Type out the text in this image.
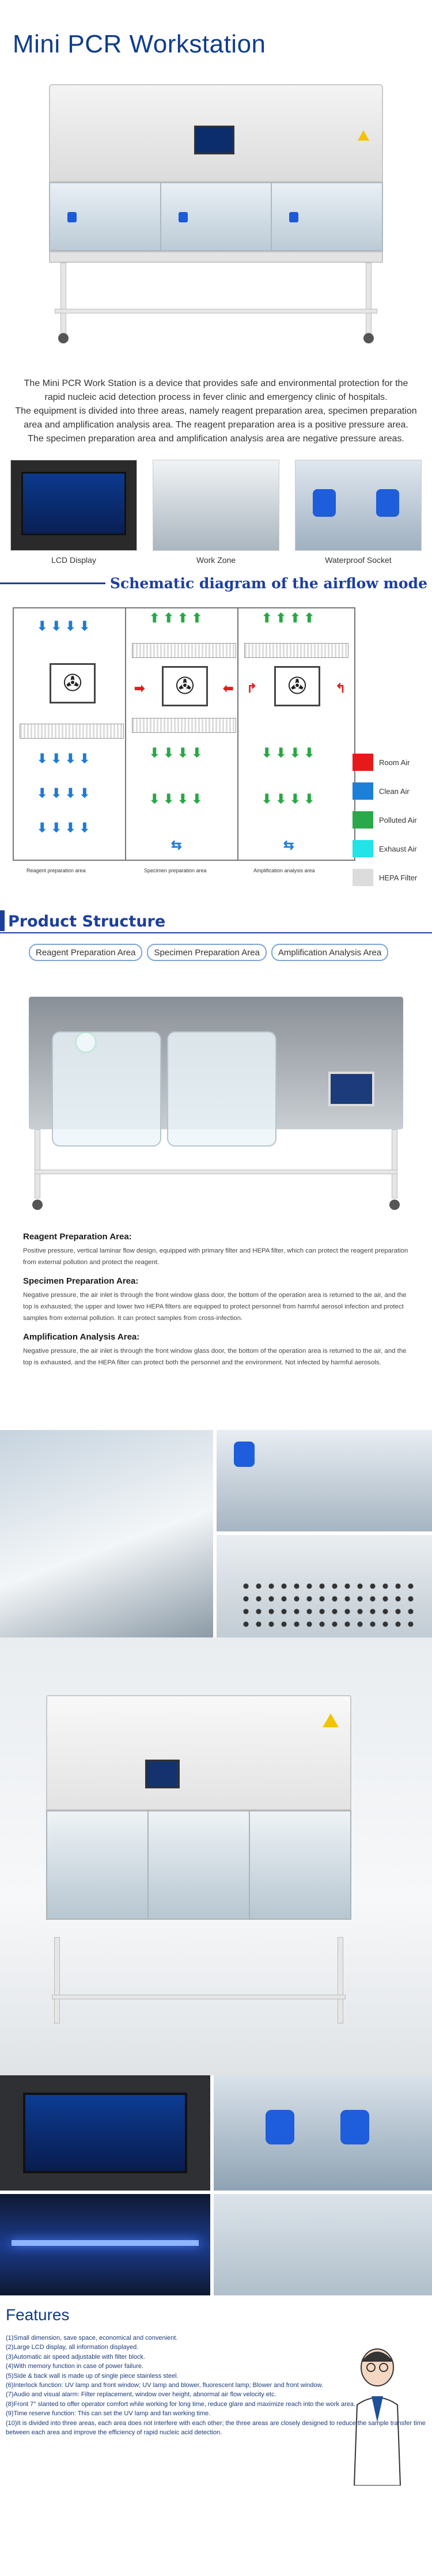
Mini PCR Workstation
The Mini PCR Work Station is a device that provides safe and environmental protection for the
rapid nucleic acid detection process in fever clinic and emergency clinic of hospitals.
The equipment is divided into three areas, namely reagent preparation area, specimen preparation
area and amplification analysis area. The reagent preparation area is a positive pressure area.
The specimen preparation area and amplification analysis area are negative pressure areas.
LCD Display	Work Zone	Waterproof Socket
Schematic diagram of the airflow mode
⬇ ⬇ ⬇ ⬇
✇
⬇ ⬇ ⬇ ⬇
⬇ ⬇ ⬇ ⬇
⬇ ⬇ ⬇ ⬇
⬆ ⬆ ⬆ ⬆
✇
➡	⬅
⬇ ⬇ ⬇ ⬇
⬇ ⬇ ⬇ ⬇
⇆
⬆ ⬆ ⬆ ⬆
✇
↱	↰
⬇ ⬇ ⬇ ⬇
⬇ ⬇ ⬇ ⬇
⇆
Reagent preparation area	Specimen preparation area	Amplification analysis area
Room Air
Clean Air
Polluted Air
Exhaust Air
HEPA Filter
Product Structure
Reagent Preparation Area	Specimen Preparation Area	Amplification Analysis Area
Reagent Preparation Area:

Positive pressure, vertical laminar flow design, equipped with primary filter and HEPA filter, which can protect the reagent preparation from external pollution and protect the reagent.

Specimen Preparation Area:

Negative pressure, the air inlet is through the front window glass door, the bottom of the operation area is returned to the air, and the top is exhausted; the upper and lower two HEPA filters are equipped to protect personnel from harmful aerosol infection and protect samples from external pollution. It can protect samples from cross-infection.

Amplification Analysis Area:

Negative pressure, the air inlet is through the front window glass door, the bottom of the operation area is returned to the air, and the top is exhausted, and the HEPA filter can protect both the personnel and the environment. Not infected by harmful aerosols.

Features
(1)Small dimension, save space, economical and convenient.
(2)Large LCD display, all information displayed.
(3)Automatic air speed adjustable with filter block.
(4)With memory function in case of power failure.
(5)Side & back wall is made up of single piece stainless steel.
(6)Interlock function: UV lamp and front window; UV lamp and blower, fluorescent lamp; Blower and front window.
(7)Audio and visual alarm: Filter replacement, window over height, abnormal air flow velocity etc.
(8)Front 7° slanted to offer operator comfort while working for long time, reduce glare and maximize reach into the work area.
(9)Time reserve function: This can set the UV lamp and fan working time.
(10)It is divided into three areas, each area does not interfere with each other; the three areas are closely designed to reduce the sample transfer time between each area and improve the efficiency of rapid nucleic acid detection.
